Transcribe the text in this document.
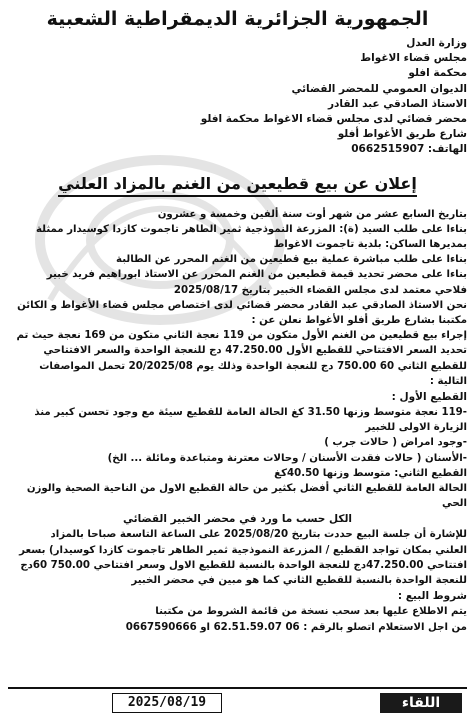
الجمهورية الجزائرية الديمقراطية الشعبية
وزارة العدل
مجلس قضاء الاغواط
محكمة افلو
الديوان العمومي للمحضر القضائي
الاستاذ الصادقي عبد القادر
محضر قضائي لدى مجلس قضاء الاغواط محكمة افلو
شارع طريق الأغواط أفلو
الهاتف: 0662515907
إعلان عن بيع قطيعين من الغنم بالمزاد العلني

بتاريخ السابع عشر من شهر أوت سنة ألفين وخمسة و عشرون

بناءا على طلب السيد (ة): المزرعة النموذجية ثمير الطاهر تاجموت كازدا كوسيدار ممثلة

بمديرها الساكن: بلدية تاجموت الاغواط

بناءا على طلب مباشرة عملية بيع قطيعين من الغنم المحرر عن الطالبة

بناءا على محضر تحديد قيمة قطيعين من الغنم المحرر عن الاستاذ ابوراهيم فريد خبير

فلاحي معتمد لدى مجلس القضاء الخبير بتاريخ 2025/08/17

نحن الاستاذ الصادقي عبد القادر محضر قضائي لدى اختصاص مجلس قضاء الأغواط و الكائن

مكتبنا بشارع طريق أفلو الأغواط نعلن عن :

إجراء بيع قطيعين من الغنم الأول متكون من 119 نعجة الثاني متكون من 169 نعجة حيث تم

تحديد السعر الافتتاحي للقطيع الأول 47.250.00 دج للنعجة الواحدة والسعر الافتتاحي

للقطيع الثاني 60 750.00 دج للنعجة الواحدة وذلك يوم 20/2025/08 تحمل المواصفات

التالية :

القطيع الأول :

-119 نعجة متوسط وزنها 31.50 كغ الحالة العامة للقطيع سيئة مع وجود تحسن كبير منذ

الزيارة الاولى للخبير

-وجود امراض ( حالات جرب )

-الأسنان ( حالات فقدت الأسنان / وحالات معترنة ومتباعدة ومائلة ... الخ)

القطيع الثاني: متوسط وزنها 40.50كغ

الحالة العامة للقطيع الثاني أفضل بكثير من حالة القطيع الاول من الناحية الصحية والوزن

الحي

الكل حسب ما ورد في محضر الخبير القضائي

للإشارة أن جلسة البيع حددت بتاريخ 2025/08/20 على الساعة التاسعة صباحا بالمزاد

العلني بمكان تواجد القطيع / المزرعة النموذجية ثمير الطاهر تاجموت كازدا كوسيدار) بسعر

افتتاحي 47.250.00دج للنعجة الواحدة بالنسبة للقطيع الاول وسعر افتتاحي 750.00 60دج

للنعجة الواحدة بالنسبة للقطيع الثاني كما هو مبين في محضر الخبير

شروط البيع :

يتم الاطلاع عليها بعد سحب نسخة من قائمة الشروط من مكتبنا

من اجل الاستعلام اتصلو بالرقم : 06 62.51.59.07 او 0667590666

2025/08/19	اللقاء
